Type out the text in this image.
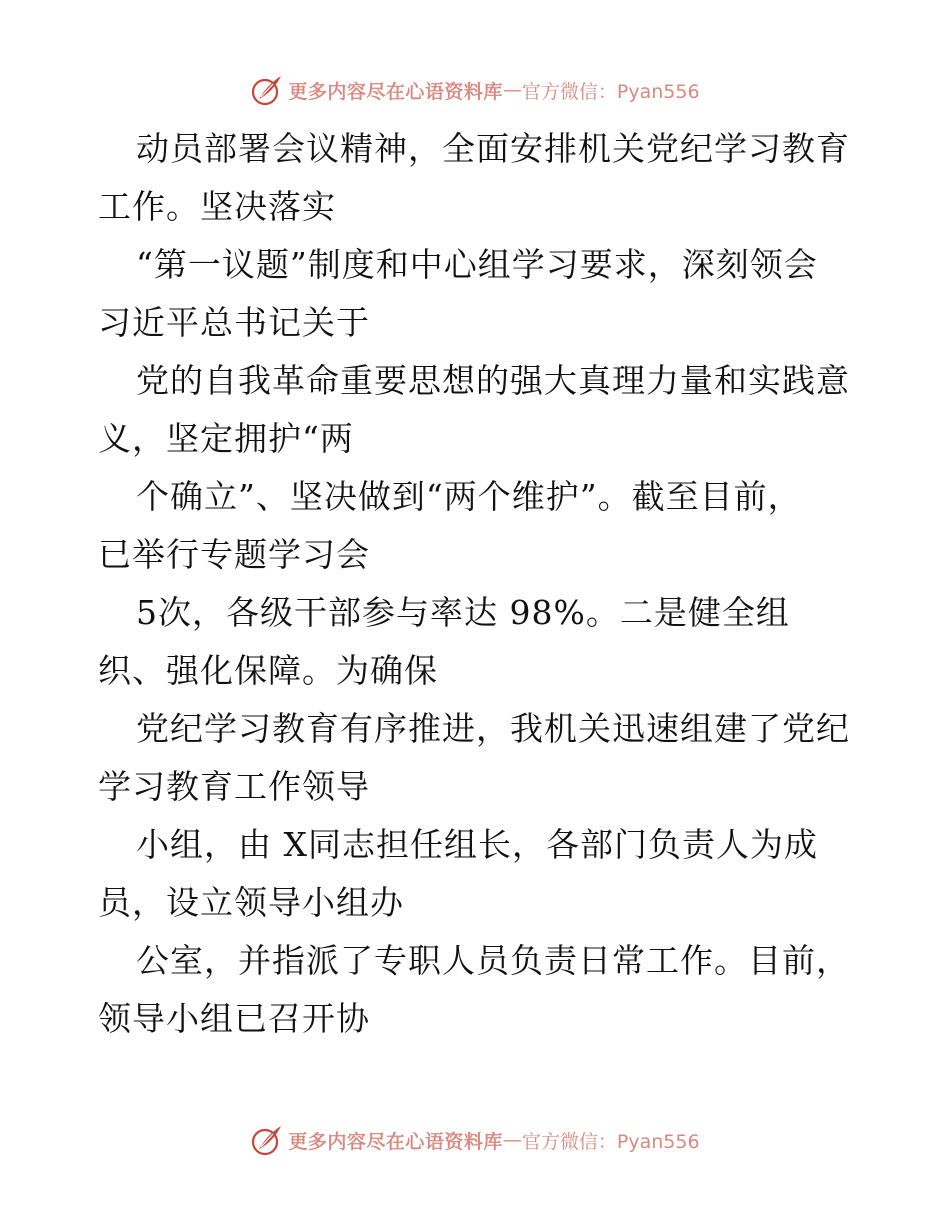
更多内容尽在心语资料库 — 官方微信：Pyan556
动员部署会议精神，全面安排机关党纪学习教育
工作。坚决落实
“第一议题”制度和中心组学习要求，深刻领会
习近平总书记关于
党的自我革命重要思想的强大真理力量和实践意
义，坚定拥护“两
个确立”、坚决做到“两个维护”。截至目前，
已举行专题学习会
5次，各级干部参与率达 98%。二是健全组
织、强化保障。为确保
党纪学习教育有序推进，我机关迅速组建了党纪
学习教育工作领导
小组，由 X同志担任组长，各部门负责人为成
员，设立领导小组办
公室，并指派了专职人员负责日常工作。目前，
领导小组已召开协
更多内容尽在心语资料库 — 官方微信：Pyan556
